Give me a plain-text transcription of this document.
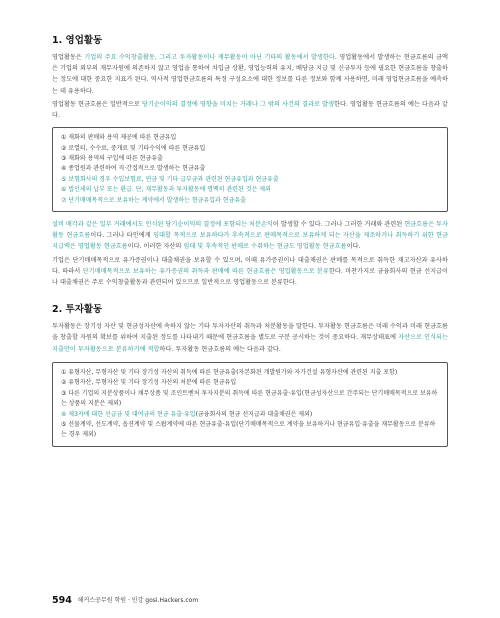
1. 영업활동

영업활동은 기업의 주요 수익창출활동, 그리고 투자활동이나 재무활동이 아닌 기타의 활동에서 발생한다. 영업활동에서 발생하는 현금흐름의 금액은 기업의 외부의 재무자원에 의존하지 않고 영업을 통하여 차입금 상환, 영업능력의 유지, 배당금 지급 및 신규투자 등에 필요한 현금흐름을 창출하는 정도에 대한 중요한 지표가 된다. 역사적 영업현금흐름의 특정 구성요소에 대한 정보를 다른 정보와 함께 사용하면, 미래 영업현금흐름을 예측하는 데 유용하다.

영업활동 현금흐름은 일반적으로 당기순이익의 결정에 영향을 미치는 거래나 그 밖의 사건의 결과로 발생한다. 영업활동 현금흐름의 예는 다음과 같다.

① 재화의 판매와 용역 제공에 따른 현금유입
② 로열티, 수수료, 중개료 및 기타수익에 따른 현금유입
③ 재화와 용역의 구입에 따른 현금유출
④ 종업원과 관련하여 직·간접적으로 발생하는 현금유출
⑤ 보험회사의 경우 수입보험료, 연금 및 기타 급부금과 관련된 현금유입과 현금유출
⑥ 법인세의 납부 또는 환급. 단, 재무활동과 투자활동에 명백히 관련된 것은 제외
⑦ 단기매매목적으로 보유하는 계약에서 발생하는 현금유입과 현금유출

설비 매각과 같은 일부 거래에서도 인식된 당기순이익의 결정에 포함되는 처분손익이 발생할 수 있다. 그러나 그러한 거래와 관련된 현금흐름은 투자활동 현금흐름이다. 그러나 타인에게 임대할 목적으로 보유하다가 후속적으로 판매목적으로 보유하게 되는 자산을 제조하거나 취득하기 위한 현금 지급액은 영업활동 현금흐름이다. 이러한 자산의 임대 및 후속적인 판매로 수취하는 현금도 영업활동 현금흐름이다.

기업은 단기매매목적으로 유가증권이나 대출채권을 보유할 수 있으며, 이때 유가증권이나 대출채권은 판매를 목적으로 취득한 재고자산과 유사하다. 따라서 단기매매목적으로 보유하는 유가증권의 취득과 판매에 따른 현금흐름은 영업활동으로 분류한다. 마찬가지로 금융회사의 현금 선지급이나 대출채권은 주로 수익창출활동과 관련되어 있으므로 일반적으로 영업활동으로 분류한다.

2. 투자활동

투자활동은 장기성 자산 및 현금성자산에 속하지 않는 기타 투자자산의 취득과 처분활동을 말한다. 투자활동 현금흐름은 미래 수익과 미래 현금흐름을 창출할 자원의 확보를 위하여 지출된 정도를 나타내기 때문에 현금흐름을 별도로 구분 공시하는 것이 중요하다. 재무상태표에 자산으로 인식되는 지출만이 투자활동으로 분류하기에 적합하다. 투자활동 현금흐름의 예는 다음과 같다.

① 유형자산, 무형자산 및 기타 장기성 자산의 취득에 따른 현금유출(자본화된 개발원가와 자가건설 유형자산에 관련된 지출 포함)
② 유형자산, 무형자산 및 기타 장기성 자산의 처분에 따른 현금유입
③ 다른 기업의 지분상품이나 채무상품 및 조인트벤처 투자지분의 취득에 따른 현금유출·유입(현금성자산으로 간주되는 단기매매목적으로 보유하는 상품의 지분은 제외)
④ 제3자에 대한 선급금 및 대여금의 현금 유출·유입(금융회사의 현금 선지급과 대출채권은 제외)
⑤ 선물계약, 선도계약, 옵션계약 및 스왑계약에 따른 현금유출·유입(단기매매목적으로 계약을 보유하거나 현금유입·유출을 재무활동으로 분류하는 경우 제외)
594 해커스공무원 학원 · 인강 gosi.Hackers.com
